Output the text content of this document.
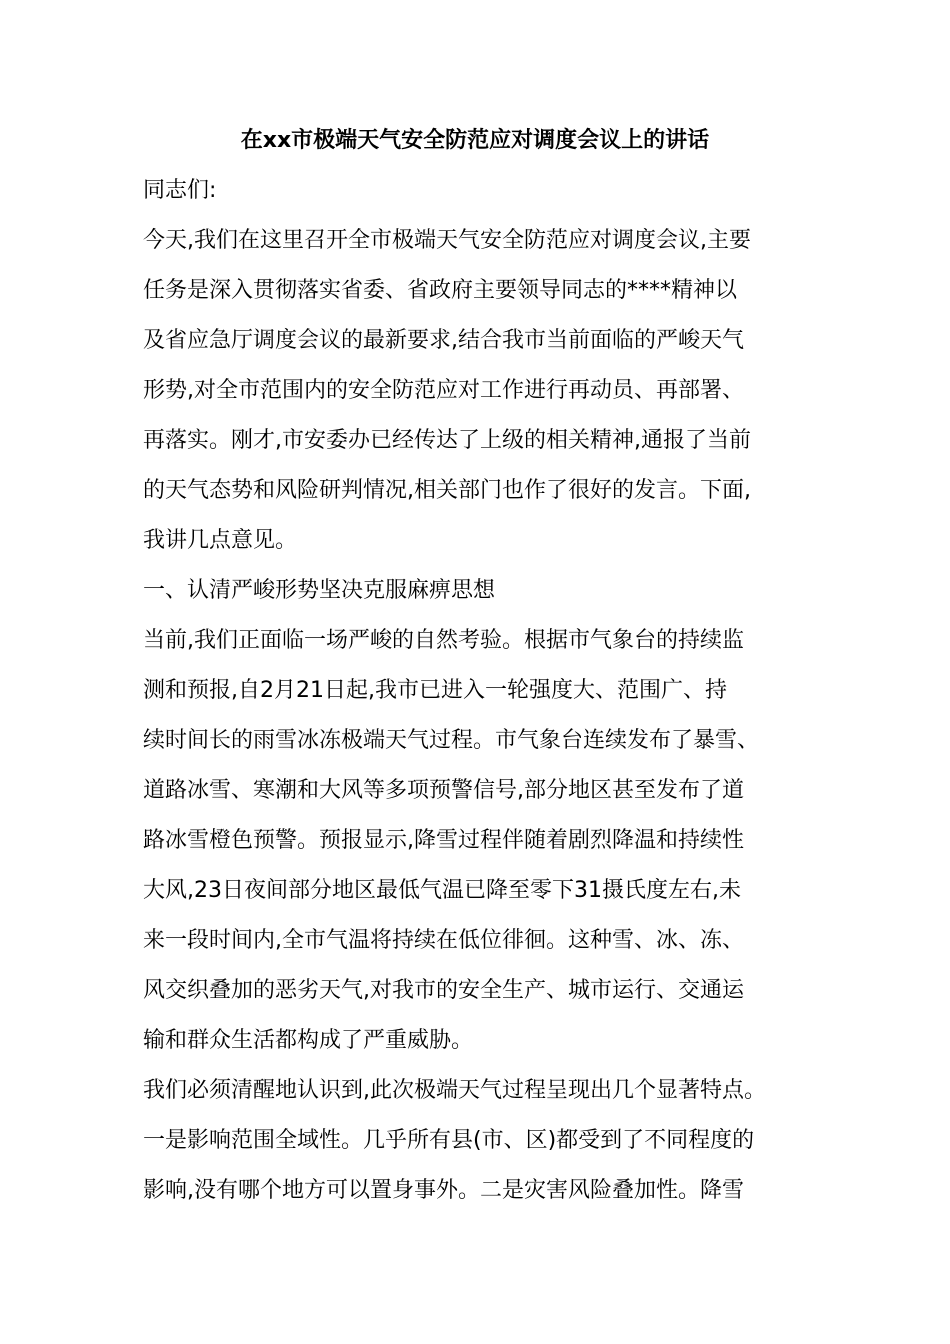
在xx市极端天气安全防范应对调度会议上的讲话

同志们:

今天,我们在这里召开全市极端天气安全防范应对调度会议,主要

任务是深入贯彻落实省委、省政府主要领导同志的****精神以

及省应急厅调度会议的最新要求,结合我市当前面临的严峻天气

形势,对全市范围内的安全防范应对工作进行再动员、再部署、

再落实。刚才,市安委办已经传达了上级的相关精神,通报了当前

的天气态势和风险研判情况,相关部门也作了很好的发言。下面,

我讲几点意见。

一、认清严峻形势坚决克服麻痹思想

当前,我们正面临一场严峻的自然考验。根据市气象台的持续监

测和预报,自2月21日起,我市已进入一轮强度大、范围广、持

续时间长的雨雪冰冻极端天气过程。市气象台连续发布了暴雪、

道路冰雪、寒潮和大风等多项预警信号,部分地区甚至发布了道

路冰雪橙色预警。预报显示,降雪过程伴随着剧烈降温和持续性

大风,23日夜间部分地区最低气温已降至零下31摄氏度左右,未

来一段时间内,全市气温将持续在低位徘徊。这种雪、冰、冻、

风交织叠加的恶劣天气,对我市的安全生产、城市运行、交通运

输和群众生活都构成了严重威胁。

我们必须清醒地认识到,此次极端天气过程呈现出几个显著特点。

一是影响范围全域性。几乎所有县(市、区)都受到了不同程度的

影响,没有哪个地方可以置身事外。二是灾害风险叠加性。降雪
